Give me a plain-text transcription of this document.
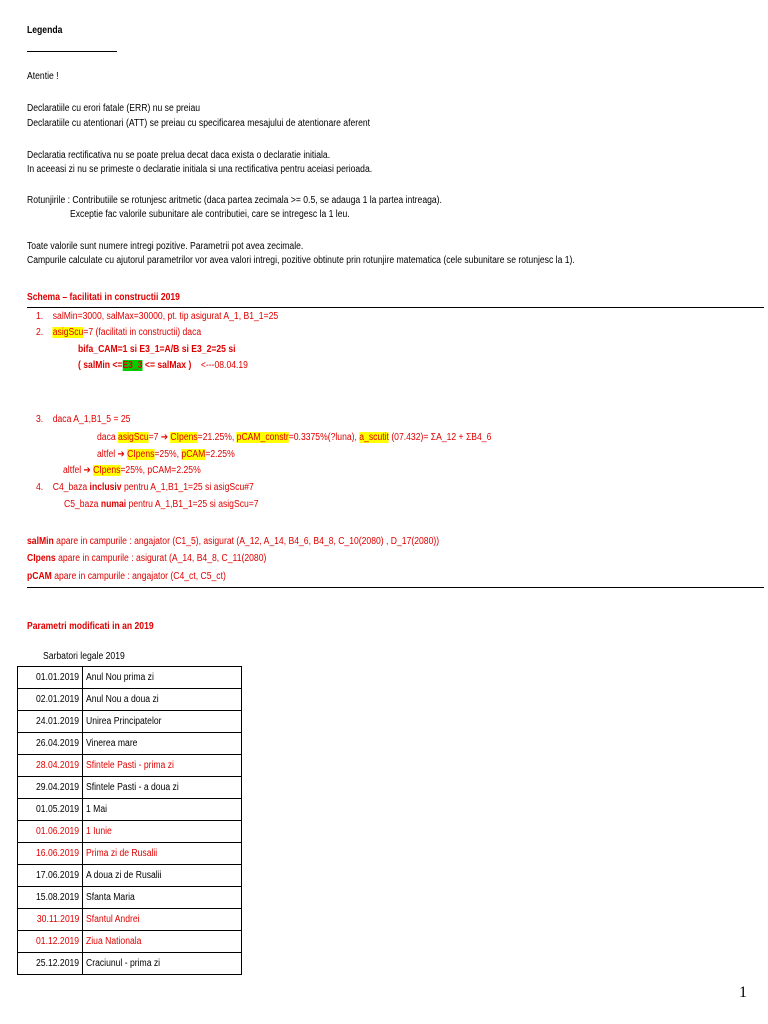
Legenda
Atentie !
Declaratiile cu erori fatale (ERR) nu se preiau
Declaratiile cu atentionari (ATT) se preiau cu specificarea mesajului de atentionare aferent
Declaratia rectificativa nu se poate prelua decat daca exista o declaratie initiala.
In aceeasi zi nu se primeste o declaratie initiala si una rectificativa pentru aceiasi perioada.
Rotunjirile : Contributiile se rotunjesc aritmetic (daca partea zecimala >= 0.5, se adauga 1 la partea intreaga).
Exceptie fac valorile subunitare ale contributiei, care se intregesc la 1 leu.
Toate valorile sunt numere intregi pozitive. Parametrii pot avea zecimale.
Campurile calculate cu ajutorul parametrilor vor avea valori intregi, pozitive obtinute prin rotunjire matematica (cele subunitare se rotunjesc la 1).
Schema – facilitati in constructii 2019
1. salMin=3000, salMax=30000, pt. tip asigurat A_1, B1_1=25
2. asigScu=7 (facilitati in constructii) daca
bifa_CAM=1 si E3_1=A/B si E3_2=25 si
( salMin <=E3_3 <= salMax ) <---08.04.19
3. daca A_1,B1_5 = 25
daca asigScu=7 ➔ CIpens=21.25%, pCAM_constr=0.3375%(?luna), a_scutit (07.432)= ΣA_12 + ΣB4_6
altfel ➔ CIpens=25%, pCAM=2.25%
altfel ➔ CIpens=25%, pCAM=2.25%
4. C4_baza inclusiv pentru A_1,B1_1=25 si asigScu#7
C5_baza numai pentru A_1,B1_1=25 si asigScu=7
salMin apare in campurile : angajator (C1_5), asigurat (A_12, A_14, B4_6, B4_8, C_10(2080) , D_17(2080))
CIpens apare in campurile : asigurat (A_14, B4_8, C_11(2080)
pCAM apare in campurile : angajator (C4_ct, C5_ct)
Parametri modificati in an 2019
Sarbatori legale 2019
01.01.2019	Anul Nou prima zi
02.01.2019	Anul Nou a doua zi
24.01.2019	Unirea Principatelor
26.04.2019	Vinerea mare
28.04.2019	Sfintele Pasti - prima zi
29.04.2019	Sfintele Pasti - a doua zi
01.05.2019	1 Mai
01.06.2019	1 Iunie
16.06.2019	Prima zi de Rusalii
17.06.2019	A doua zi de Rusalii
15.08.2019	Sfanta Maria
30.11.2019	Sfantul Andrei
01.12.2019	Ziua Nationala
25.12.2019	Craciunul - prima zi
1
